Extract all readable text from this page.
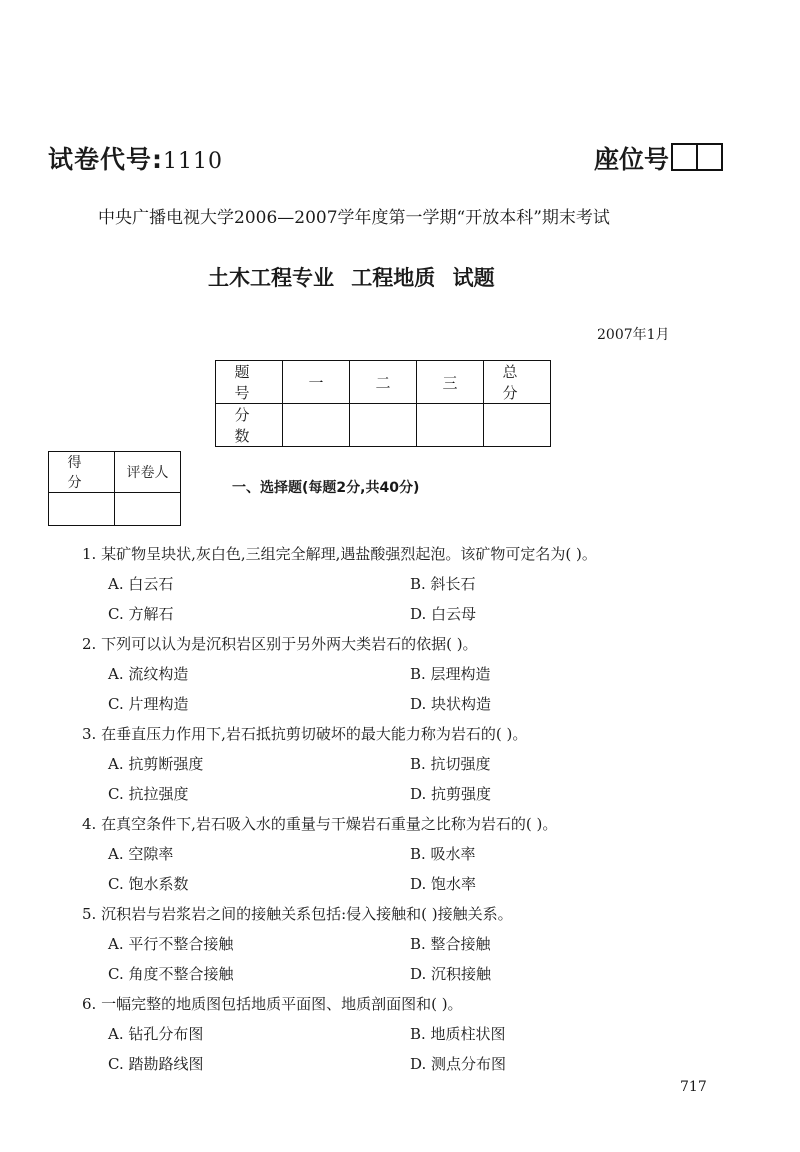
试卷代号:1110	座位号
中央广播电视大学2006—2007学年度第一学期“开放本科”期末考试
土木工程专业 工程地质 试题
2007年1月
题 号	一	二	三	总 分
分 数				
得 分	评卷人

一、选择题(每题2分,共40分)
1. 某矿物呈块状,灰白色,三组完全解理,遇盐酸强烈起泡。该矿物可定名为( )。
A. 白云石	B. 斜长石
C. 方解石	D. 白云母
2. 下列可以认为是沉积岩区别于另外两大类岩石的依据( )。
A. 流纹构造	B. 层理构造
C. 片理构造	D. 块状构造
3. 在垂直压力作用下,岩石抵抗剪切破坏的最大能力称为岩石的( )。
A. 抗剪断强度	B. 抗切强度
C. 抗拉强度	D. 抗剪强度
4. 在真空条件下,岩石吸入水的重量与干燥岩石重量之比称为岩石的( )。
A. 空隙率	B. 吸水率
C. 饱水系数	D. 饱水率
5. 沉积岩与岩浆岩之间的接触关系包括:侵入接触和( )接触关系。
A. 平行不整合接触	B. 整合接触
C. 角度不整合接触	D. 沉积接触
6. 一幅完整的地质图包括地质平面图、地质剖面图和( )。
A. 钻孔分布图	B. 地质柱状图
C. 踏勘路线图	D. 测点分布图
717
